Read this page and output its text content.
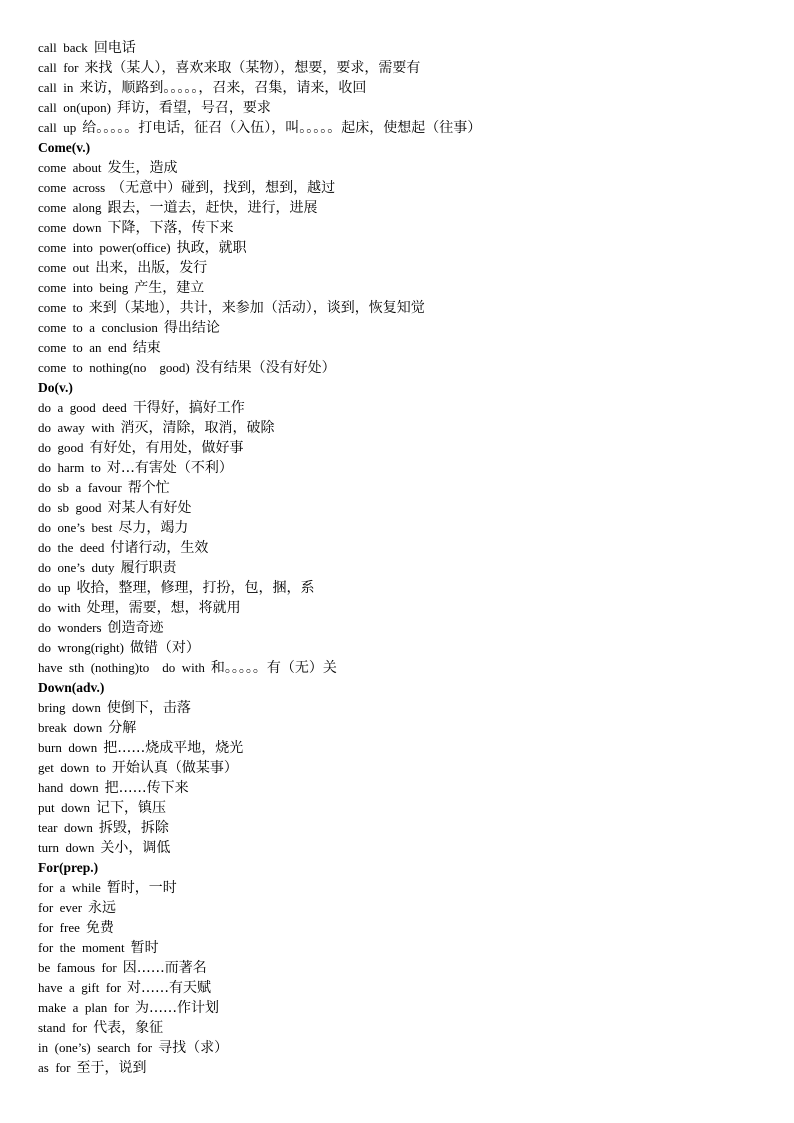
call  back 回电话
call  for 来找（某人），喜欢来取（某物），想要，要求，需要有
call  in 来访，顺路到。。。。。，召来，召集，请来，收回
call  on(upon) 拜访，看望，号召，要求
call  up 给。。。。。打电话，征召（入伍），叫。。。。。起床，使想起（往事）
Come(v.)
come  about 发生，造成
come  across （无意中）碰到，找到，想到，越过
come  along 跟去，一道去，赶快，进行，进展
come  down 下降，下落，传下来
come  into  power(office) 执政，就职
come  out 出来，出版，发行
come  into  being 产生，建立
come  to 来到（某地），共计，来参加（活动），谈到，恢复知觉
come  to  a  conclusion 得出结论
come  to  an  end 结束
come  to  nothing(no    good) 没有结果（没有好处）
Do(v.)
do  a  good  deed 干得好，搞好工作
do  away  with 消灭，清除，取消，破除
do  good 有好处，有用处，做好事
do  harm  to 对…有害处（不利）
do  sb  a  favour 帮个忙
do  sb  good 对某人有好处
do  one’s  best 尽力，竭力
do  the  deed 付诸行动，生效
do  one’s  duty 履行职责
do  up 收拾，整理，修理，打扮，包，捆，系
do  with 处理，需要，想，将就用
do  wonders 创造奇迹
do  wrong(right) 做错（对）
have  sth  (nothing)to    do  with 和。。。。。有（无）关
Down(adv.)
bring  down 使倒下，击落
break  down 分解
burn  down 把……烧成平地，烧光
get  down  to 开始认真（做某事）
hand  down 把……传下来
put  down 记下，镇压
tear  down 拆毁，拆除
turn  down 关小，调低
For(prep.)
for  a  while 暂时，一时
for  ever 永远
for  free 免费
for  the  moment 暂时
be  famous  for 因……而著名
have  a  gift  for 对……有天赋
make  a  plan  for 为……作计划
stand  for 代表，象征
in  (one’s)  search  for 寻找（求）
as  for 至于，说到
